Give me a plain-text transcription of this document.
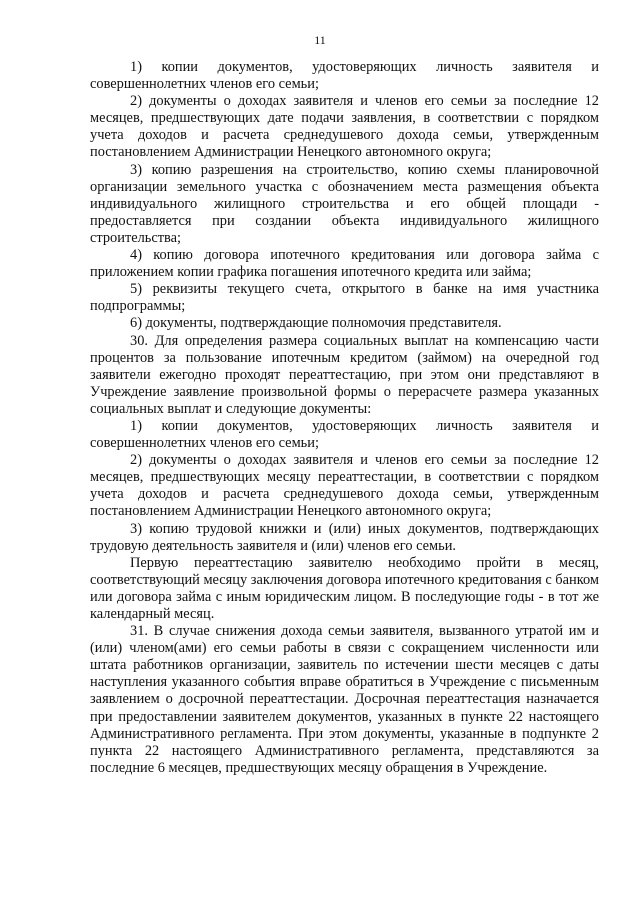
11

1) копии документов, удостоверяющих личность заявителя и совершеннолетних членов его семьи;

2) документы о доходах заявителя и членов его семьи за последние 12 месяцев, предшествующих дате подачи заявления, в соответствии с порядком учета доходов и расчета среднедушевого дохода семьи, утвержденным постановлением Администрации Ненецкого автономного округа;

3) копию разрешения на строительство, копию схемы планировочной организации земельного участка с обозначением места размещения объекта индивидуального жилищного строительства и его общей площади - предоставляется при создании объекта индивидуального жилищного строительства;

4) копию договора ипотечного кредитования или договора займа с приложением копии графика погашения ипотечного кредита или займа;

5) реквизиты текущего счета, открытого в банке на имя участника подпрограммы;

6) документы, подтверждающие полномочия представителя.

30. Для определения размера социальных выплат на компенсацию части процентов за пользование ипотечным кредитом (займом) на очередной год заявители ежегодно проходят переаттестацию, при этом они представляют в Учреждение заявление произвольной формы о перерасчете размера указанных социальных выплат и следующие документы:

1) копии документов, удостоверяющих личность заявителя и совершеннолетних членов его семьи;

2) документы о доходах заявителя и членов его семьи за последние 12 месяцев, предшествующих месяцу переаттестации, в соответствии с порядком учета доходов и расчета среднедушевого дохода семьи, утвержденным постановлением Администрации Ненецкого автономного округа;

3) копию трудовой книжки и (или) иных документов, подтверждающих трудовую деятельность заявителя и (или) членов его семьи.

Первую переаттестацию заявителю необходимо пройти в месяц, соответствующий месяцу заключения договора ипотечного кредитования с банком или договора займа с иным юридическим лицом. В последующие годы - в тот же календарный месяц.

31. В случае снижения дохода семьи заявителя, вызванного утратой им и (или) членом(ами) его семьи работы в связи с сокращением численности или штата работников организации, заявитель по истечении шести месяцев с даты наступления указанного события вправе обратиться в Учреждение с письменным заявлением о досрочной переаттестации. Досрочная переаттестация назначается при предоставлении заявителем документов, указанных в пункте 22 настоящего Административного регламента. При этом документы, указанные в подпункте 2 пункта 22 настоящего Административного регламента, представляются за последние 6 месяцев, предшествующих месяцу обращения в Учреждение.
